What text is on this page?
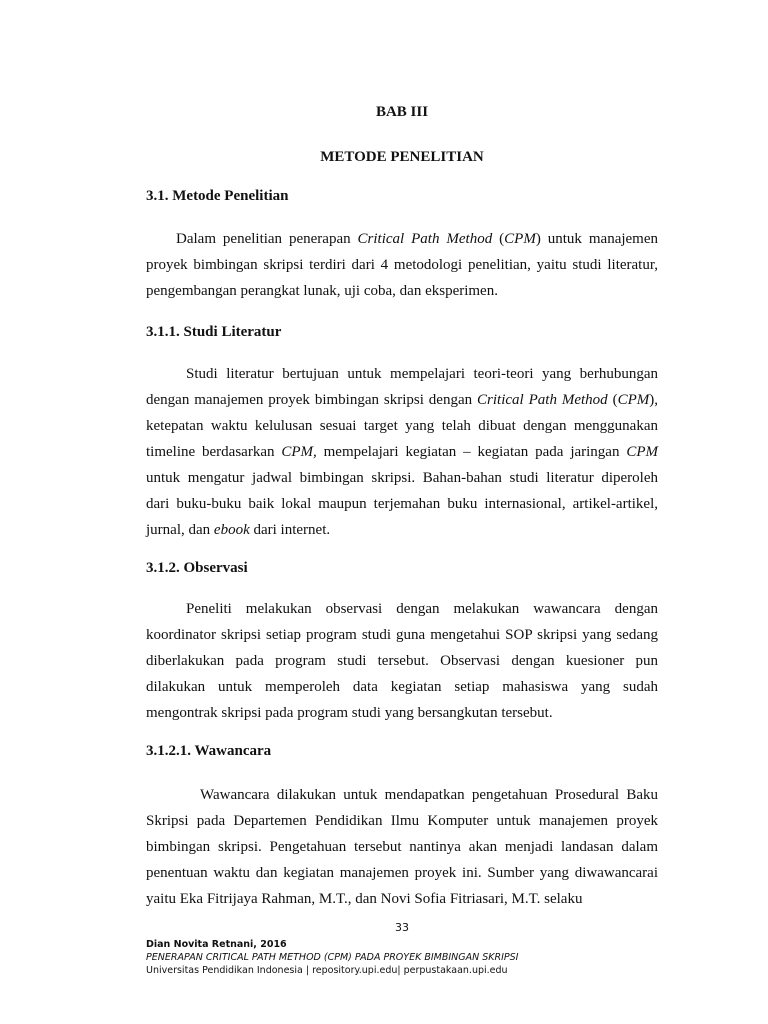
BAB III

METODE PENELITIAN

3.1. Metode Penelitian

Dalam penelitian penerapan Critical Path Method (CPM) untuk manajemen
proyek bimbingan skripsi terdiri dari 4 metodologi penelitian, yaitu studi literatur,
pengembangan perangkat lunak, uji coba, dan eksperimen.

3.1.1. Studi Literatur

Studi literatur bertujuan untuk mempelajari teori-teori yang berhubungan
dengan manajemen proyek bimbingan skripsi dengan Critical Path Method (CPM),
ketepatan waktu kelulusan sesuai target yang telah dibuat dengan menggunakan
timeline berdasarkan CPM, mempelajari kegiatan – kegiatan pada jaringan CPM
untuk mengatur jadwal bimbingan skripsi. Bahan-bahan studi literatur diperoleh
dari buku-buku baik lokal maupun terjemahan buku internasional, artikel-artikel,
jurnal, dan ebook dari internet.

3.1.2. Observasi

Peneliti melakukan observasi dengan melakukan wawancara dengan
koordinator skripsi setiap program studi guna mengetahui SOP skripsi yang sedang
diberlakukan pada program studi tersebut. Observasi dengan kuesioner pun
dilakukan untuk memperoleh data kegiatan setiap mahasiswa yang sudah
mengontrak skripsi pada program studi yang bersangkutan tersebut.

3.1.2.1. Wawancara

Wawancara dilakukan untuk mendapatkan pengetahuan Prosedural Baku
Skripsi pada Departemen Pendidikan Ilmu Komputer untuk manajemen proyek
bimbingan skripsi. Pengetahuan tersebut nantinya akan menjadi landasan dalam
penentuan waktu dan kegiatan manajemen proyek ini. Sumber yang diwawancarai
yaitu Eka Fitrijaya Rahman, M.T., dan Novi Sofia Fitriasari, M.T. selaku

33

Dian Novita Retnani, 2016
PENERAPAN CRITICAL PATH METHOD (CPM) PADA PROYEK BIMBINGAN SKRIPSI
Universitas Pendidikan Indonesia | repository.upi.edu| perpustakaan.upi.edu
